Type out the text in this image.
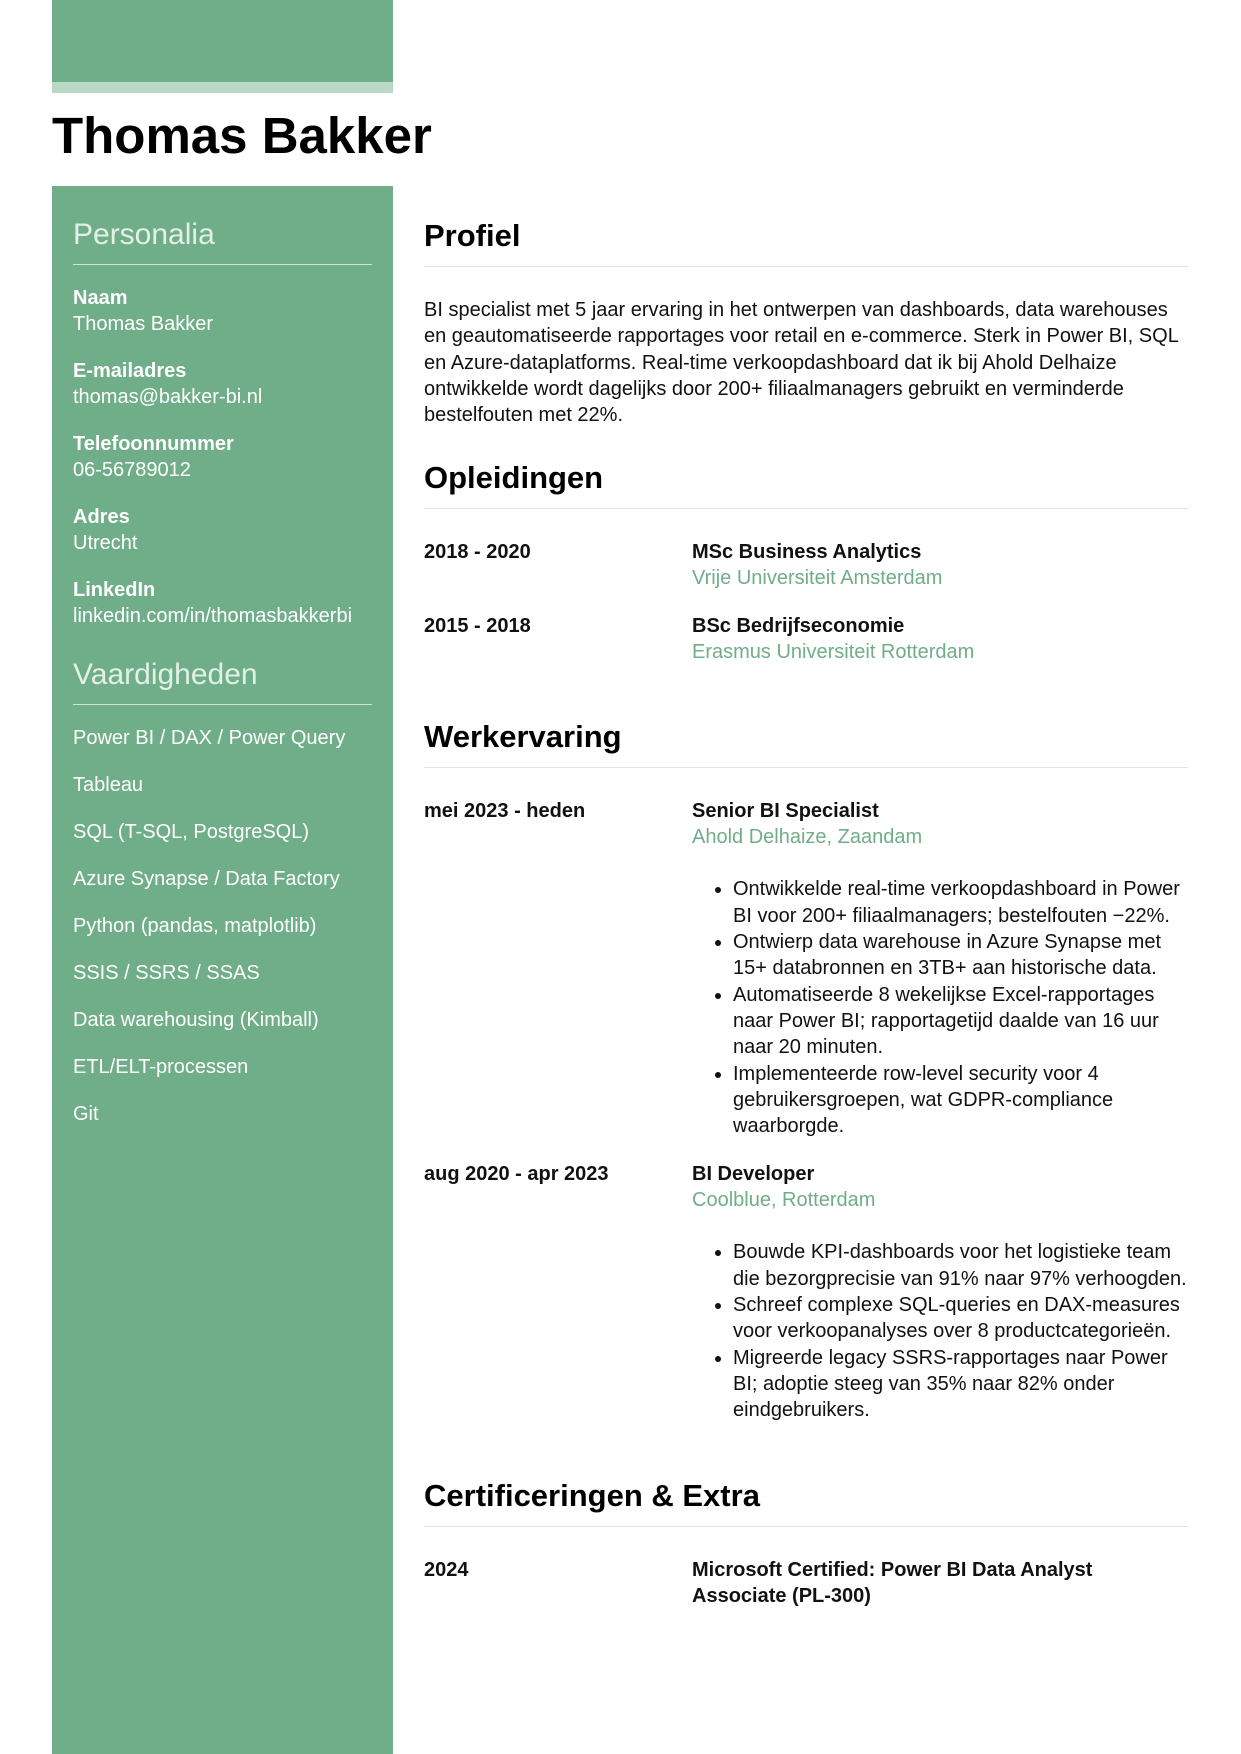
Thomas Bakker
Personalia
Naam
Thomas Bakker
E-mailadres
thomas@bakker-bi.nl
Telefoonnummer
06-56789012
Adres
Utrecht
LinkedIn
linkedin.com/in/thomasbakkerbi
Vaardigheden
Power BI / DAX / Power Query
Tableau
SQL (T-SQL, PostgreSQL)
Azure Synapse / Data Factory
Python (pandas, matplotlib)
SSIS / SSRS / SSAS
Data warehousing (Kimball)
ETL/ELT-processen
Git
Profiel

BI specialist met 5 jaar ervaring in het ontwerpen van dashboards, data warehouses en geautomatiseerde rapportages voor retail en e-commerce. Sterk in Power BI, SQL en Azure-dataplatforms. Real-time verkoopdashboard dat ik bij Ahold Delhaize ontwikkelde wordt dagelijks door 200+ filiaalmanagers gebruikt en verminderde bestelfouten met 22%.

Opleidingen
2018 - 2020	MSc Business Analytics
Vrije Universiteit Amsterdam
2015 - 2018	BSc Bedrijfseconomie
Erasmus Universiteit Rotterdam
Werkervaring
mei 2023 - heden	Senior BI Specialist
Ahold Delhaize, Zaandam
• Ontwikkelde real-time verkoopdashboard in Power BI voor 200+ filiaalmanagers; bestelfouten −22%.
• Ontwierp data warehouse in Azure Synapse met 15+ databronnen en 3TB+ aan historische data.
• Automatiseerde 8 wekelijkse Excel-rapportages naar Power BI; rapportagetijd daalde van 16 uur naar 20 minuten.
• Implementeerde row-level security voor 4 gebruikersgroepen, wat GDPR-compliance waarborgde.
aug 2020 - apr 2023	BI Developer
Coolblue, Rotterdam
• Bouwde KPI-dashboards voor het logistieke team die bezorgprecisie van 91% naar 97% verhoogden.
• Schreef complexe SQL-queries en DAX-measures voor verkoopanalyses over 8 productcategorieën.
• Migreerde legacy SSRS-rapportages naar Power BI; adoptie steeg van 35% naar 82% onder eindgebruikers.
Certificeringen & Extra
2024	Microsoft Certified: Power BI Data Analyst Associate (PL-300)
